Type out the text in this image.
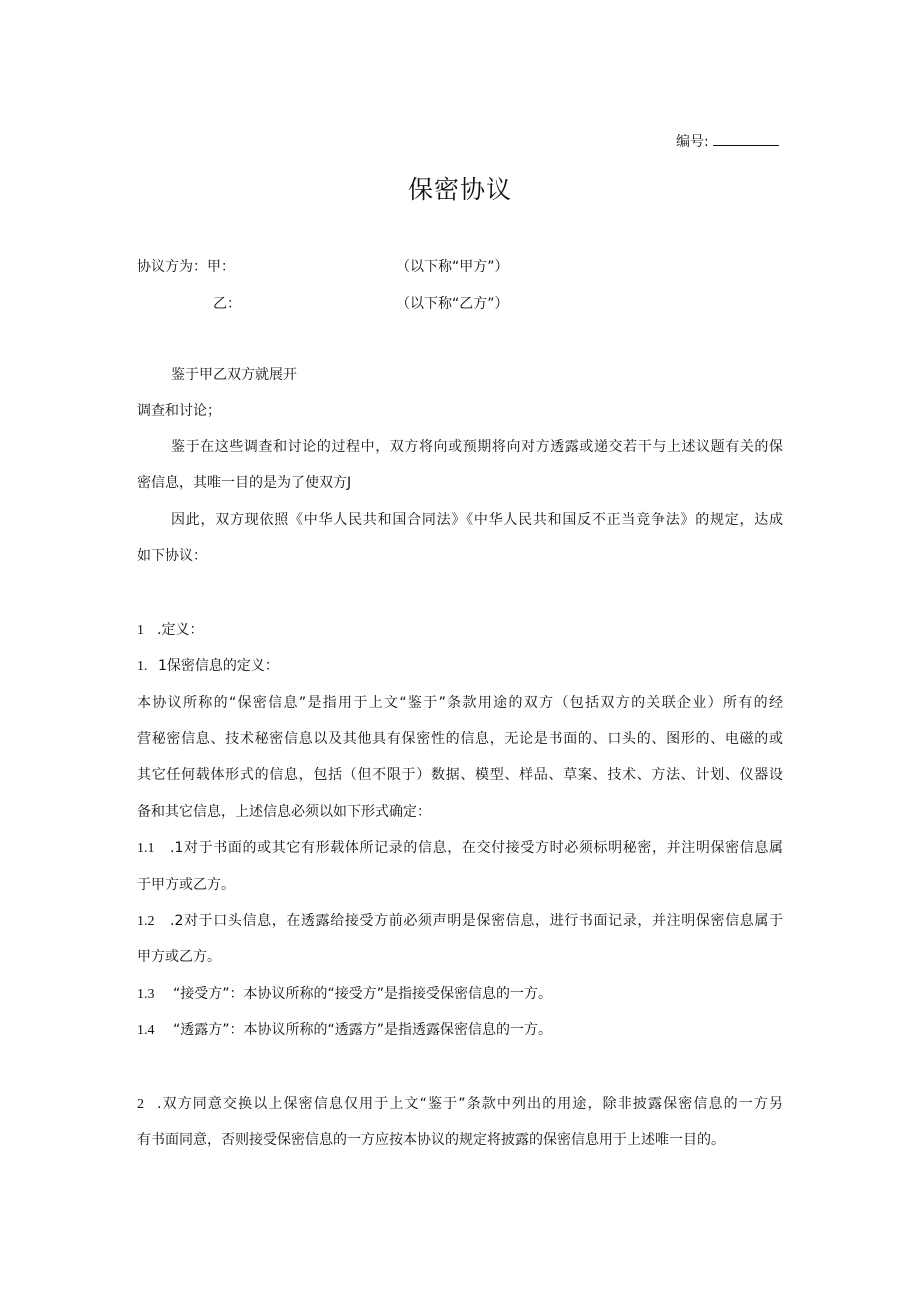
编号:
保密协议
协议方为：甲：	（以下称“甲方”）
乙：	（以下称“乙方”）
鉴于甲乙双方就展开
调查和讨论；
鉴于在这些调查和讨论的过程中，双方将向或预期将向对方透露或递交若干与上述议题有关的保
密信息，其唯一目的是为了使双方J
因此，双方现依照《中华人民共和国合同法》《中华人民共和国反不正当竞争法》的规定，达成
如下协议：
1 .定义：
1. 1保密信息的定义：
本协议所称的“保密信息”是指用于上文“鉴于”条款用途的双方（包括双方的关联企业）所有的经
营秘密信息、技术秘密信息以及其他具有保密性的信息，无论是书面的、口头的、图形的、电磁的或
其它任何载体形式的信息，包括（但不限于）数据、模型、样品、草案、技术、方法、计划、仪器设
备和其它信息，上述信息必须以如下形式确定：
1.1 .1对于书面的或其它有形载体所记录的信息，在交付接受方时必须标明秘密，并注明保密信息属
于甲方或乙方。
1.2 .2对于口头信息，在透露给接受方前必须声明是保密信息，进行书面记录，并注明保密信息属于
甲方或乙方。
1.3 “接受方”：本协议所称的“接受方”是指接受保密信息的一方。
1.4 “透露方”：本协议所称的“透露方”是指透露保密信息的一方。
2 .双方同意交换以上保密信息仅用于上文“鉴于”条款中列出的用途，除非披露保密信息的一方另
有书面同意，否则接受保密信息的一方应按本协议的规定将披露的保密信息用于上述唯一目的。
